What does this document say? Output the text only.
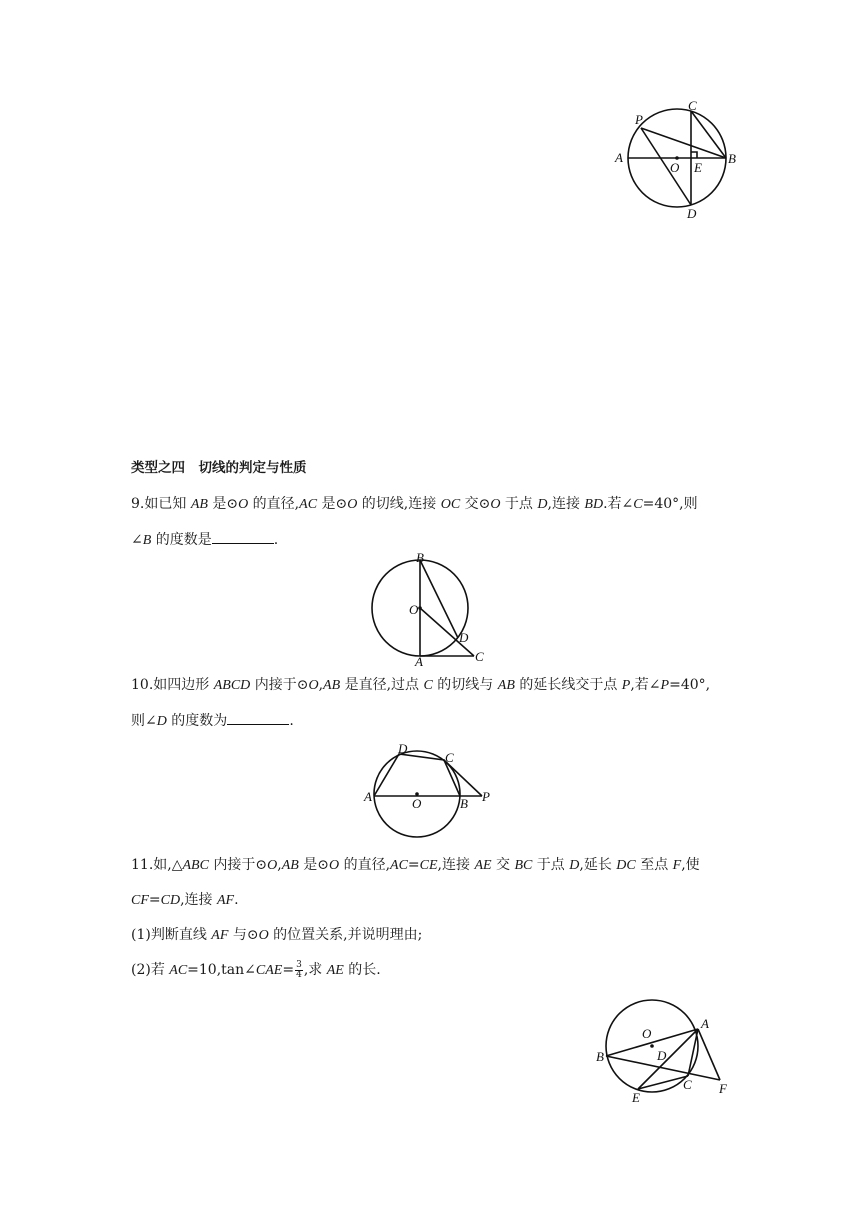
A	B
C
D
P
O E
类型之四　切线的判定与性质
9.如已知 AB 是⊙O 的直径,AC 是⊙O 的切线,连接 OC 交⊙O 于点 D,连接 BD.若∠C=40°,则
∠B 的度数是	.
B
O
D
A	C
10.如四边形 ABCD 内接于⊙O,AB 是直径,过点 C 的切线与 AB 的延长线交于点 P,若∠P=40°,
则∠D 的度数为	.
A
D
C
O	B P
11.如,△ABC 内接于⊙O,AB 是⊙O 的直径,AC=CE,连接 AE 交 BC 于点 D,延长 DC 至点 F,使
CF=CD,连接 AF.
(1)判断直线 AF 与⊙O 的位置关系,并说明理由;
(2)若 AC=10,tan∠CAE= $\frac{3}{4}$ ,求 AE 的长.
O
A
B	D
C
E
F
